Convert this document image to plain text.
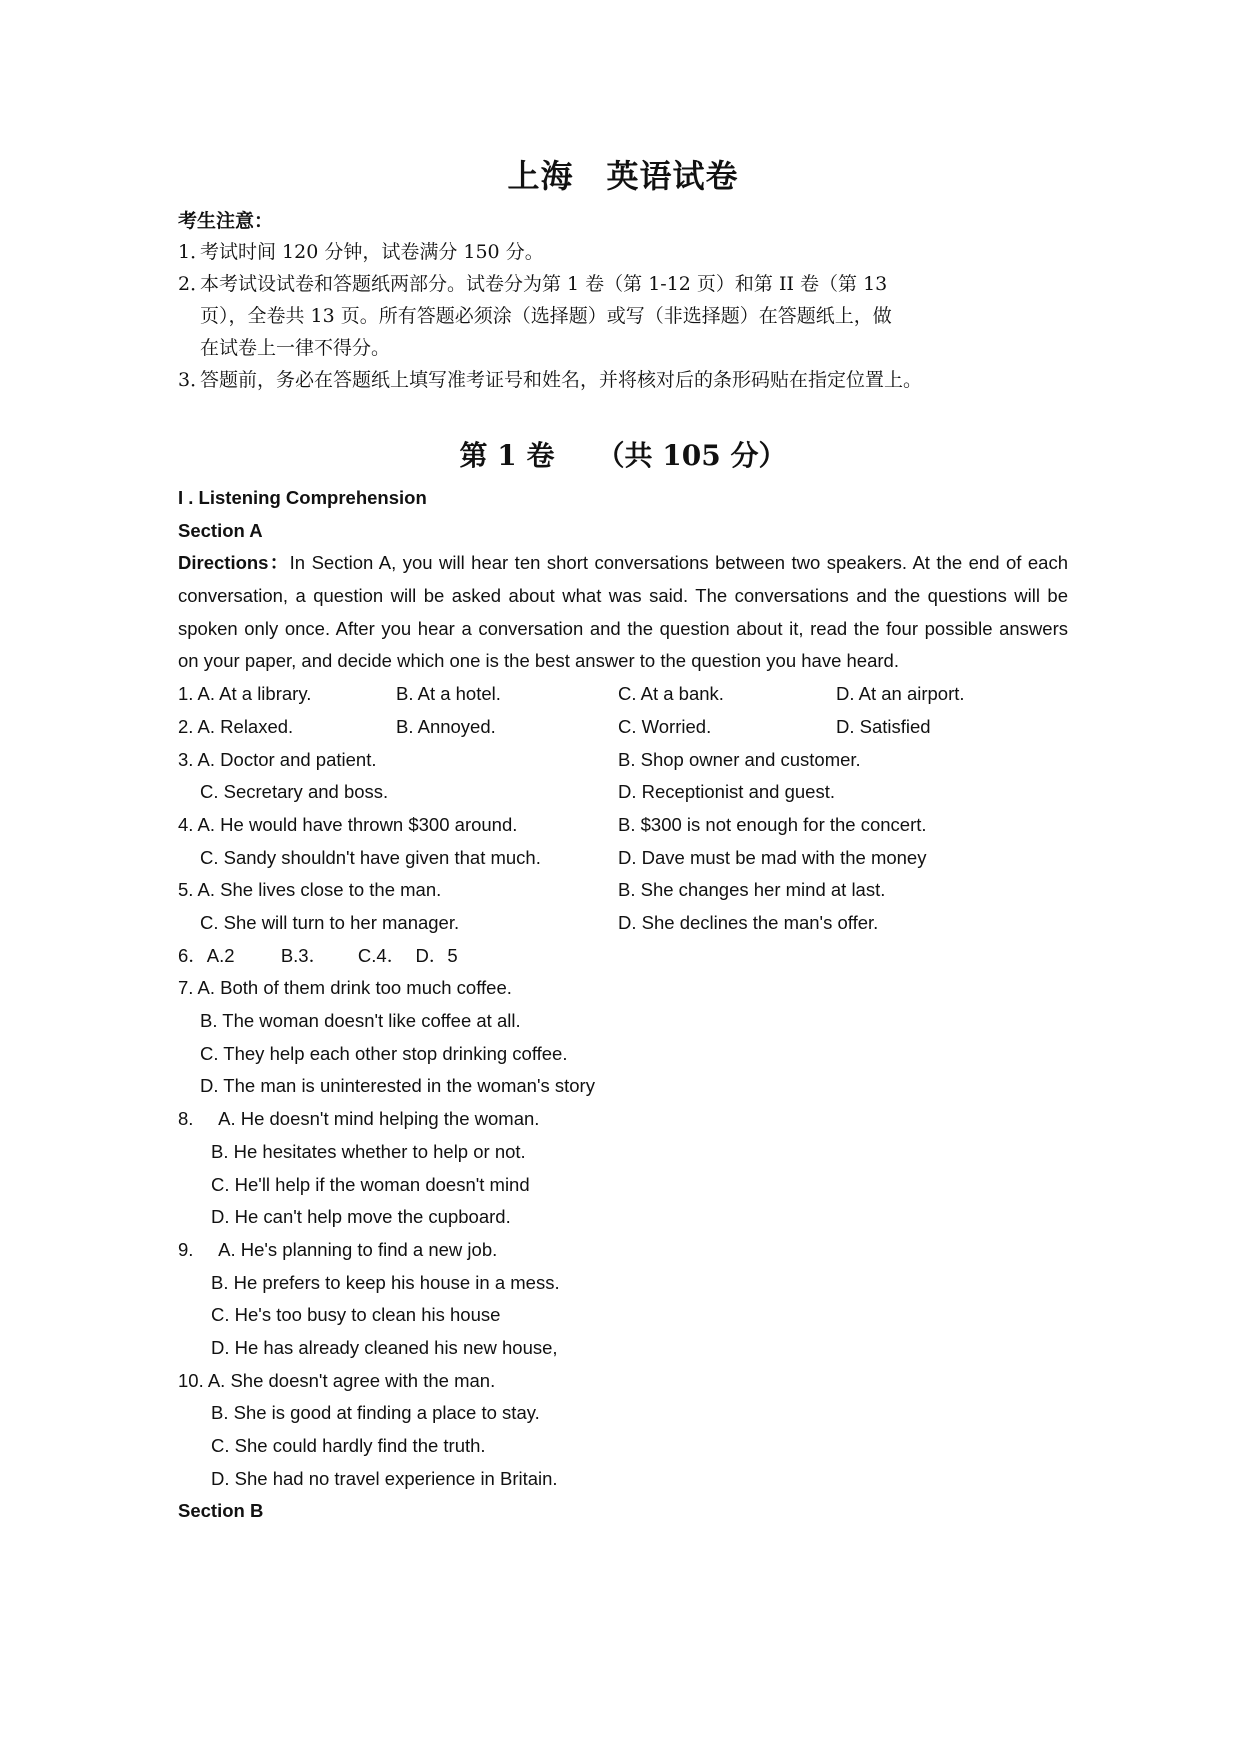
上海　英语试卷
考生注意：
1．
考试时间 120 分钟，试卷满分 150 分。
2．
本考试设试卷和答题纸两部分。试卷分为第 1 卷（第 1-12 页）和第 II 卷（第 13 页），全卷共 13 页。所有答题必须涂（选择题）或写（非选择题）在答题纸上，做在试卷上一律不得分。
3．
答题前，务必在答题纸上填写准考证号和姓名，并将核对后的条形码贴在指定位置上。
第 1 卷　　（共 105 分）
I . Listening Comprehension
Section A
Directions：In Section A, you will hear ten short conversations between two speakers. At the end of each conversation, a question will be asked about what was said. The conversations and the questions will be spoken only once. After you hear a conversation and the question about it, read the four possible answers on your paper, and decide which one is the best answer to the question you have heard.
1. A. At a library.	B. At a hotel.	C. At a bank.	D. At an airport.
2. A. Relaxed.	B. Annoyed.	C. Worried.	D. Satisfied
3. A. Doctor and patient.	B. Shop owner and customer.
C. Secretary and boss.	D. Receptionist and guest.
4. A. He would have thrown $300 around.	B. $300 is not enough for the concert.
C. Sandy shouldn't have given that much.	D. Dave must be mad with the money
5. A. She lives close to the man.	B. She changes her mind at last.
C. She will turn to her manager.	D. She declines the man's offer.
6．A.2         B.3．      C.4．  D．5
7. A. Both of them drink too much coffee.
B. The woman doesn't like coffee at all.
C. They help each other stop drinking coffee.
D. The man is uninterested in the woman's story
8.     A. He doesn't mind helping the woman.
B. He hesitates whether to help or not.
C. He'll help if the woman doesn't mind
D. He can't help move the cupboard.
9.     A. He's planning to find a new job.
B. He prefers to keep his house in a mess.
C. He's too busy to clean his house
D. He has already cleaned his new house,
10. A. She doesn't agree with the man.
B. She is good at finding a place to stay.
C. She could hardly find the truth.
D. She had no travel experience in Britain.
Section B
